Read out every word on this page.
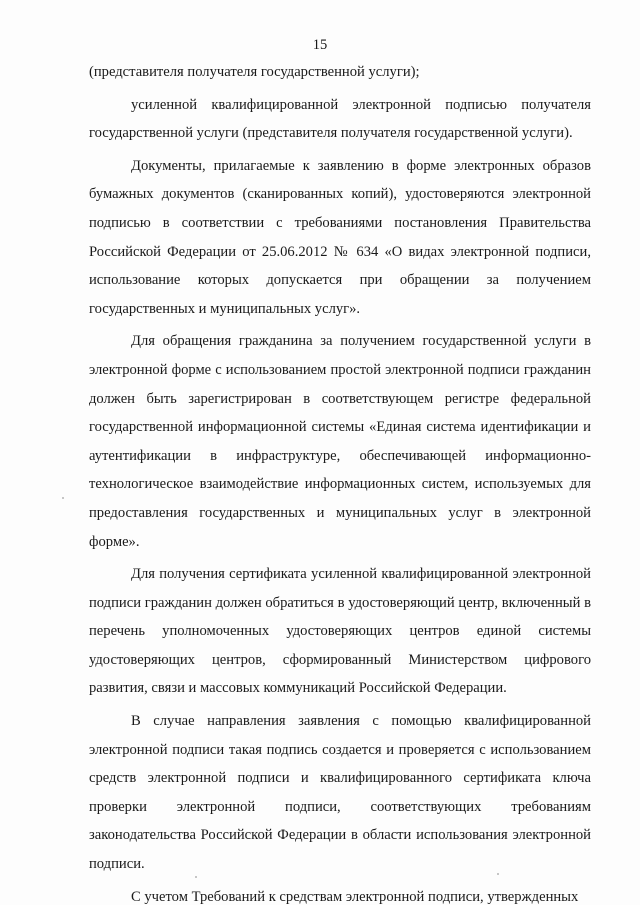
15

(представителя получателя государственной услуги);

усиленной квалифицированной электронной подписью получателя государственной услуги (представителя получателя государственной услуги).

Документы, прилагаемые к заявлению в форме электронных образов бумажных документов (сканированных копий), удостоверяются электронной подписью в соответствии с требованиями постановления Правительства Российской Федерации от 25.06.2012 № 634 «О видах электронной подписи, использование которых допускается при обращении за получением государственных и муниципальных услуг».

Для обращения гражданина за получением государственной услуги в электронной форме с использованием простой электронной подписи гражданин должен быть зарегистрирован в соответствующем регистре федеральной государственной информационной системы «Единая система идентификации и аутентификации в инфраструктуре, обеспечивающей информационно-технологическое взаимодействие информационных систем, используемых для предоставления государственных и муниципальных услуг в электронной форме».

Для получения сертификата усиленной квалифицированной электронной подписи гражданин должен обратиться в удостоверяющий центр, включенный в перечень уполномоченных удостоверяющих центров единой системы удостоверяющих центров, сформированный Министерством цифрового развития, связи и массовых коммуникаций Российской Федерации.

В случае направления заявления с помощью квалифицированной электронной подписи такая подпись создается и проверяется с использованием средств электронной подписи и квалифицированного сертификата ключа проверки электронной подписи, соответствующих требованиям законодательства Российской Федерации в области использования электронной подписи.

С учетом Требований к средствам электронной подписи, утвержденных
